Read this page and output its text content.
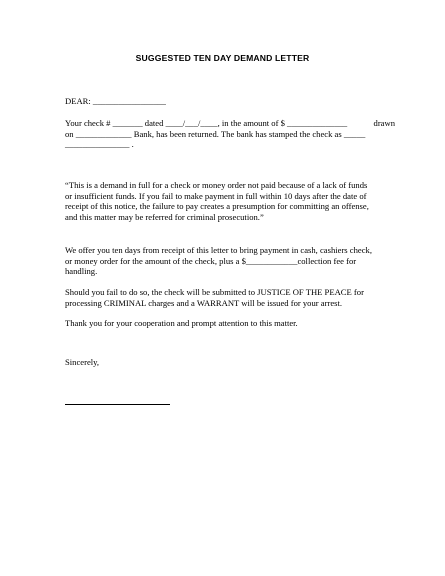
SUGGESTED TEN DAY DEMAND LETTER

DEAR: _________________

Your check # _______ dated ____/___/____, in the amount of $ ______________	drawn
on _____________ Bank, has been returned. The bank has stamped the check as _____
_______________ .

“This is a demand in full for a check or money order not paid because of a lack of funds
or insufficient funds. If you fail to make payment in full within 10 days after the date of
receipt of this notice, the failure to pay creates a presumption for committing an offense,
and this matter may be referred for criminal prosecution.”

We offer you ten days from receipt of this letter to bring payment in cash, cashiers check,
or money order for the amount of the check, plus a $____________collection fee for
handling.

Should you fail to do so, the check will be submitted to JUSTICE OF THE PEACE for
processing CRIMINAL charges and a WARRANT will be issued for your arrest.

Thank you for your cooperation and prompt attention to this matter.

Sincerely,
